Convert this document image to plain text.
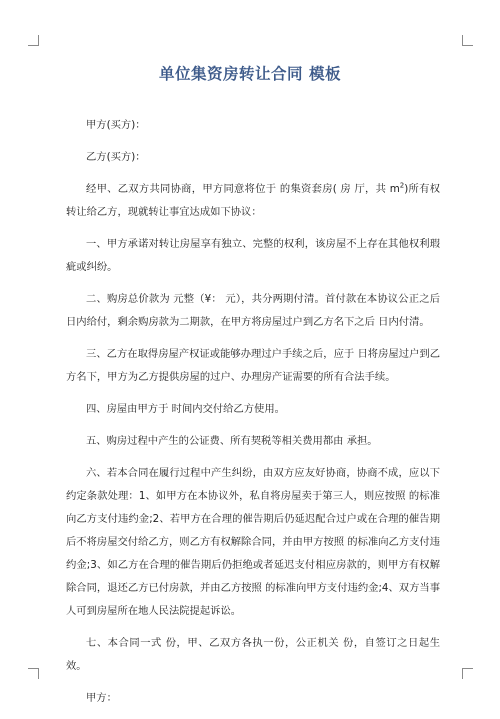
单位集资房转让合同 模板

甲方(买方)：

乙方(买方)：

经甲、乙双方共同协商，甲方同意将位于 的集资套房( 房 厅，共 $m^2$)所有权转让给乙方，现就转让事宜达成如下协议：

一、甲方承诺对转让房屋享有独立、完整的权利，该房屋不上存在其他权利瑕疵或纠纷。

二、购房总价款为 元整（¥： 元），共分两期付清。首付款在本协议公正之后 日内给付，剩余购房款为二期款，在甲方将房屋过户到乙方名下之后 日内付清。

三、乙方在取得房屋产权证或能够办理过户手续之后，应于 日将房屋过户到乙方名下，甲方为乙方提供房屋的过户、办理房产证需要的所有合法手续。

四、房屋由甲方于 时间内交付给乙方使用。

五、购房过程中产生的公证费、所有契税等相关费用都由 承担。

六、若本合同在履行过程中产生纠纷，由双方应友好协商，协商不成，应以下约定条款处理：1、如甲方在本协议外，私自将房屋卖于第三人，则应按照 的标准向乙方支付违约金;2、若甲方在合理的催告期后仍延迟配合过户或在合理的催告期后不将房屋交付给乙方，则乙方有权解除合同，并由甲方按照 的标准向乙方支付违约金;3、如乙方在合理的催告期后仍拒绝或者延迟支付相应房款的，则甲方有权解除合同，退还乙方已付房款，并由乙方按照 的标准向甲方支付违约金;4、双方当事人可到房屋所在地人民法院提起诉讼。

七、本合同一式 份，甲、乙双方各执一份，公正机关 份，自签订之日起生效。

甲方：
